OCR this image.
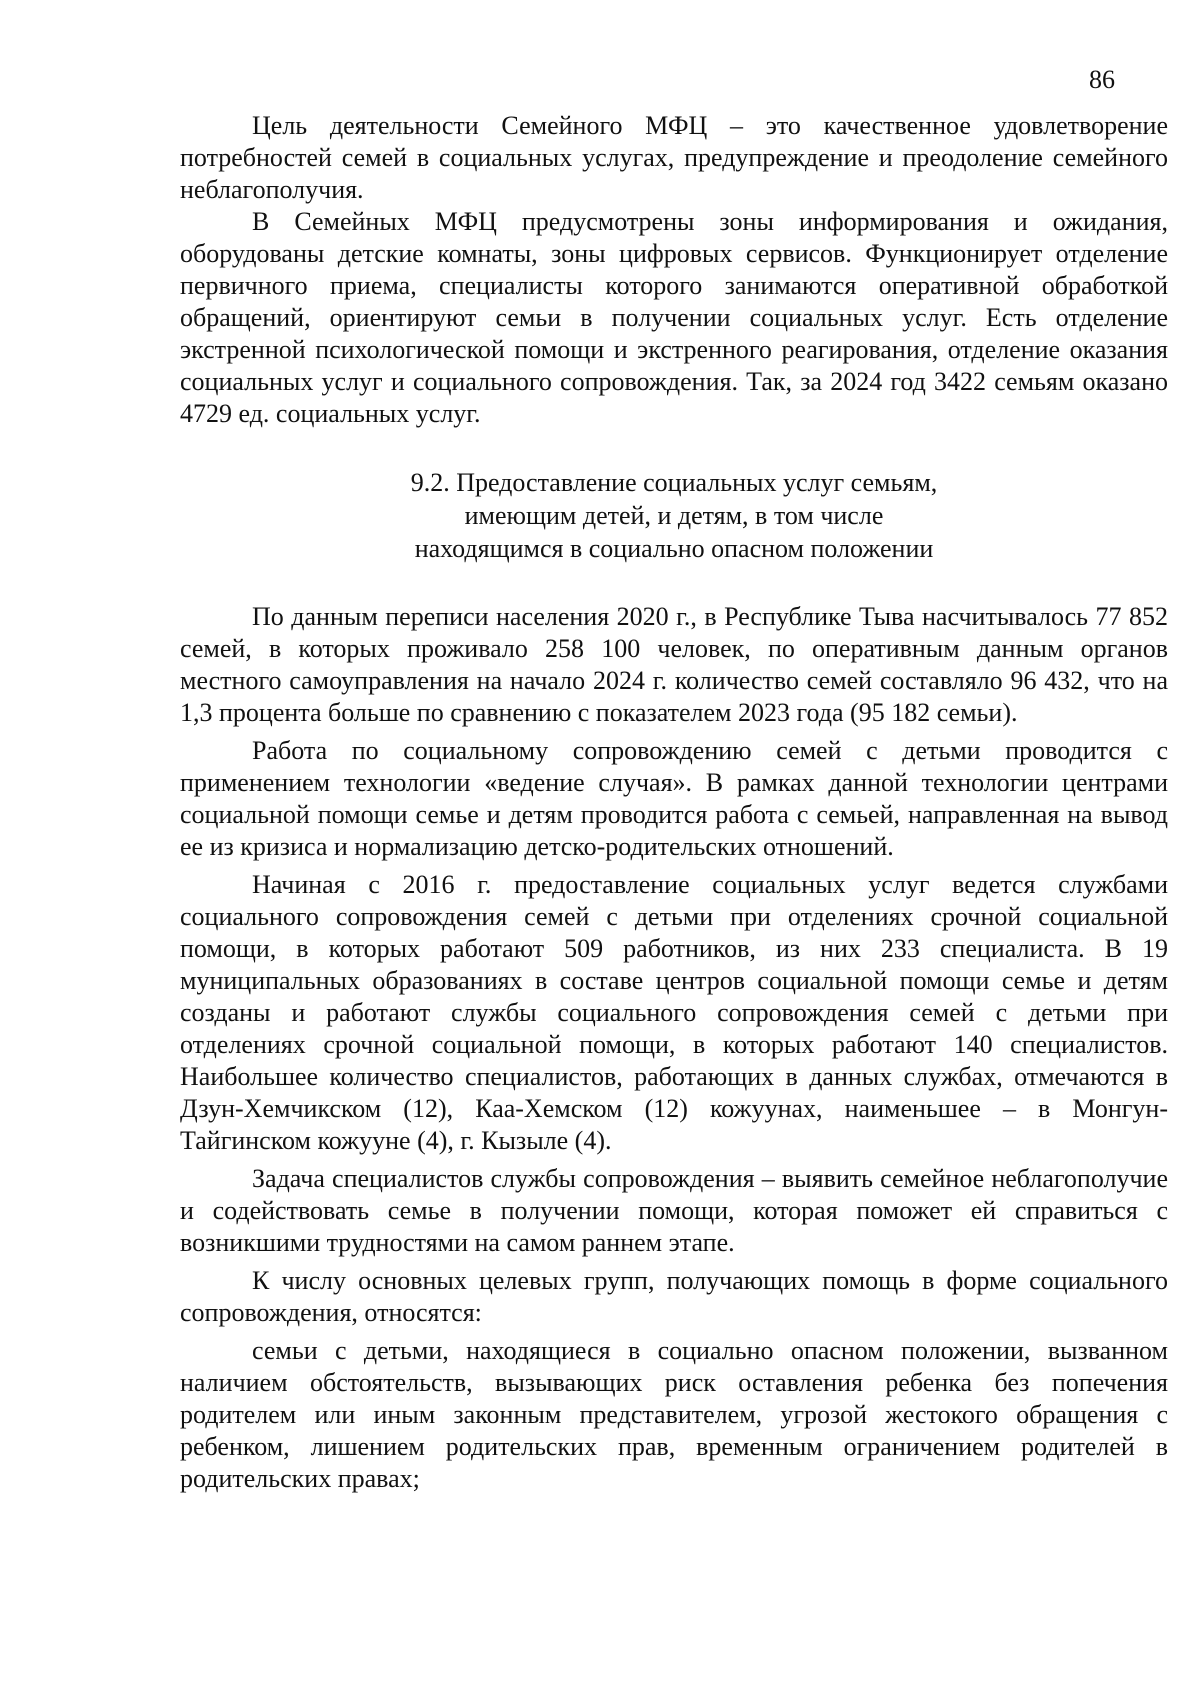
86

Цель деятельности Семейного МФЦ – это качественное удовлетворение потребностей семей в социальных услугах, предупреждение и преодоление семейного неблагополучия.

В Семейных МФЦ предусмотрены зоны информирования и ожидания, оборудованы детские комнаты, зоны цифровых сервисов. Функционирует отделение первичного приема, специалисты которого занимаются оперативной обработкой обращений, ориентируют семьи в получении социальных услуг. Есть отделение экстренной психологической помощи и экстренного реагирования, отделение оказания социальных услуг и социального сопровождения. Так, за 2024 год 3422 семьям оказано 4729 ед. социальных услуг.

9.2. Предоставление социальных услуг семьям,
имеющим детей, и детям, в том числе
находящимся в социально опасном положении

По данным переписи населения 2020 г., в Республике Тыва насчитывалось 77 852 семей, в которых проживало 258 100 человек, по оперативным данным органов местного самоуправления на начало 2024 г. количество семей составляло 96 432, что на 1,3 процента больше по сравнению с показателем 2023 года (95 182 семьи).

Работа по социальному сопровождению семей с детьми проводится с применением технологии «ведение случая». В рамках данной технологии центрами социальной помощи семье и детям проводится работа с семьей, направленная на вывод ее из кризиса и нормализацию детско-родительских отношений.

Начиная с 2016 г. предоставление социальных услуг ведется службами социального сопровождения семей с детьми при отделениях срочной социальной помощи, в которых работают 509 работников, из них 233 специалиста. В 19 муниципальных образованиях в составе центров социальной помощи семье и детям созданы и работают службы социального сопровождения семей с детьми при отделениях срочной социальной помощи, в которых работают 140 специалистов. Наибольшее количество специалистов, работающих в данных службах, отмечаются в Дзун-Хемчикском (12), Каа-Хемском (12) кожуунах, наименьшее – в Монгун-Тайгинском кожууне (4), г. Кызыле (4).

Задача специалистов службы сопровождения – выявить семейное неблагополучие и содействовать семье в получении помощи, которая поможет ей справиться с возникшими трудностями на самом раннем этапе.

К числу основных целевых групп, получающих помощь в форме социального сопровождения, относятся:

семьи с детьми, находящиеся в социально опасном положении, вызванном наличием обстоятельств, вызывающих риск оставления ребенка без попечения родителем или иным законным представителем, угрозой жестокого обращения с ребенком, лишением родительских прав, временным ограничением родителей в родительских правах;
